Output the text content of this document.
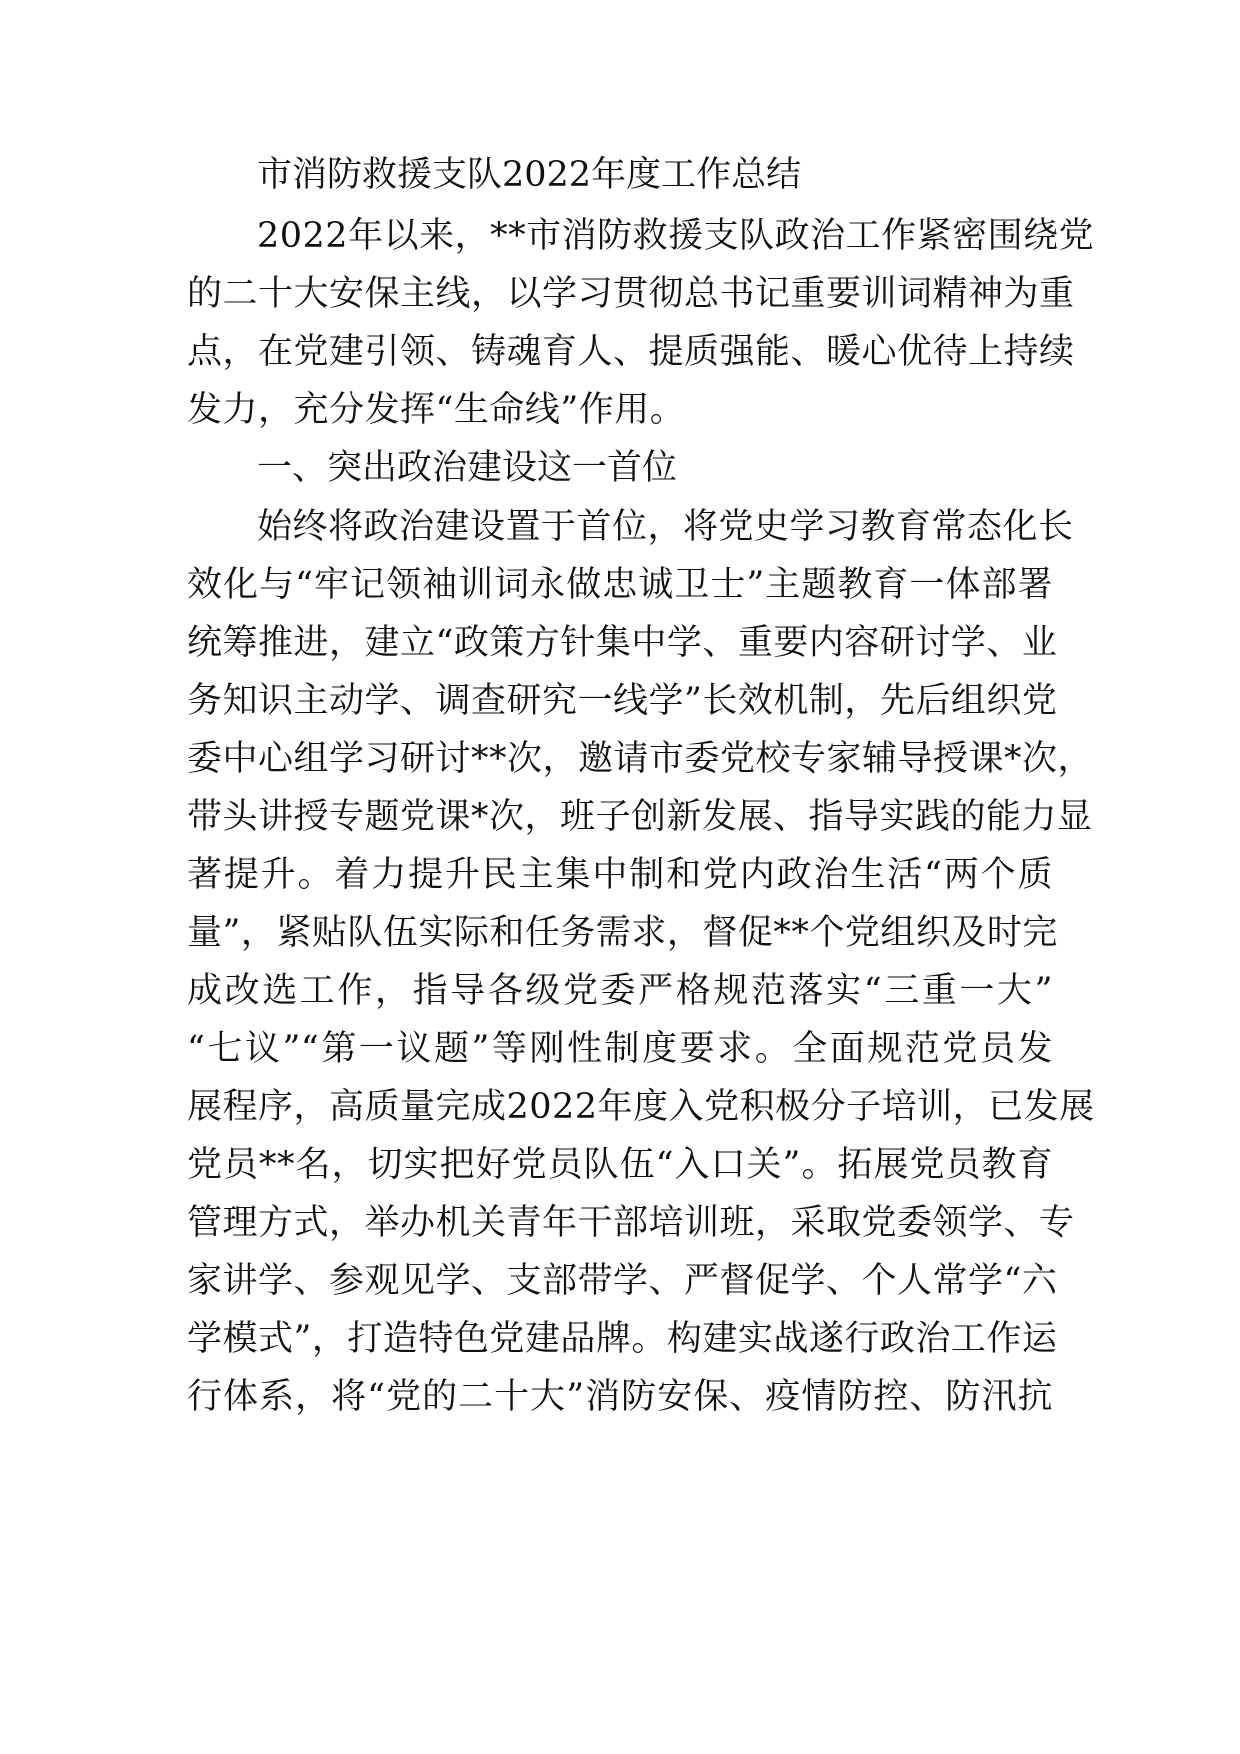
市消防救援支队2022年度工作总结
2022年以来，**市消防救援支队政治工作紧密围绕党
的二十大安保主线，以学习贯彻总书记重要训词精神为重
点，在党建引领、铸魂育人、提质强能、暖心优待上持续
发力，充分发挥“生命线”作用。
一、突出政治建设这一首位
始终将政治建设置于首位，将党史学习教育常态化长
效化与“牢记领袖训词永做忠诚卫士”主题教育一体部署
统筹推进，建立“政策方针集中学、重要内容研讨学、业
务知识主动学、调查研究一线学”长效机制，先后组织党
委中心组学习研讨**次，邀请市委党校专家辅导授课*次，
带头讲授专题党课*次，班子创新发展、指导实践的能力显
著提升。着力提升民主集中制和党内政治生活“两个质
量”，紧贴队伍实际和任务需求，督促**个党组织及时完
成改选工作，指导各级党委严格规范落实“三重一大”
“七议”“第一议题”等刚性制度要求。全面规范党员发
展程序，高质量完成2022年度入党积极分子培训，已发展
党员**名，切实把好党员队伍“入口关”。拓展党员教育
管理方式，举办机关青年干部培训班，采取党委领学、专
家讲学、参观见学、支部带学、严督促学、个人常学“六
学模式”，打造特色党建品牌。构建实战遂行政治工作运
行体系，将“党的二十大”消防安保、疫情防控、防汛抗
